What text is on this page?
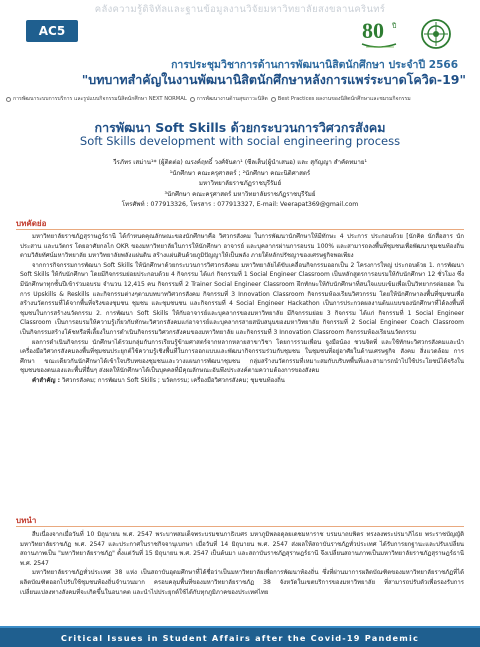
คลังความรู้ดิจิทัลและฐานข้อมูลงานวิจัยมหาวิทยาลัยสงขลานครินทร์
AC5	80 ปี
การประชุมวิชาการด้านการพัฒนานิสิตนักศึกษา ประจำปี 2566
"บทบาทสำคัญในงานพัฒนานิสิตนักศึกษาหลังการแพร่ระบาดโควิด-19"
การพัฒนาระบบการบริการ และรูปแบบกิจกรรมนิสิตนักศึกษา NEXT NORMAL การพัฒนางานด้านสุขภาวะนิสิต Best Practices ผลงานของนิสิตนักศึกษาและชมรมกิจกรรม
การพัฒนา Soft Skills ด้วยกระบวนการวิศวกรสังคม
Soft Skills development with social engineering process
วีรภัทร เสม่าน¹* (ผู้ติดต่อ) ณรงค์ฤทธิ์ วงศ์จันดา¹ (ซีลเส็น(ผู้นำเสนอ) และ สุกัญญา สำคัดทมาย¹
¹นักศึกษา คณะครุศาสตร์ ; ²นักศึกษา คณะนิติศาสตร์
มหาวิทยาลัยราชภัฏราชบุรีรัมย์
³นักศึกษา คณะครุศาสตร์ มหาวิทยาลัยราชภัฏราชบุรีรัมย์
โทรศัพท์ : 077913326, โทรสาร : 077913327, E-mail: Veerapat369@gmail.com
บทคัดย่อ

มหาวิทยาลัยราชภัฏสุราษฎร์ธานี ได้กำหนดคุณลักษณะของนักศึกษาคือ วิศวกรสังคม ในการพัฒนานักศึกษาให้มีทักษะ 4 ประการ ประกอบด้วย [นักคิด นักสื่อสาร นักประสาน และนวัตกร โดยอาศัยกลไก OKR ของมหาวิทยาลัยในการให้นักศึกษา อาจารย์ และบุคลากรผ่านการอบรม 100% และสามารถลงพื้นที่ชุมชนเพื่อพัฒนาชุมชนท้องถิ่นตามวิสัยทัศน์มหาวิทยาลัย มหาวิทยาลัยพลังแผ่นดิน สร้างแผ่นดินด้วยภูมิปัญญาให้เป็นพลัง ภายใต้หลักปรัชญาของเศรษฐกิจพอเพียง

จากการกิจกรรมการพัฒนา Soft Skills ให้นักศึกษาด้วยกระบวนการวิศวกรสังคม มหาวิทยาลัยได้ขับเคลื่อนกิจกรรมออกเป็น 2 โครงการใหญ่ ประกอบด้วย 1. การพัฒนา Soft Skills ให้กับนักศึกษา โดยมีกิจกรรมย่อยประกอบด้วย 4 กิจกรรม ได้แก่ กิจกรรมที่ 1 Social Engineer Classroom เป็นหลักสูตรการอบรมให้กับนักศึกษา 12 ชั่วโมง ซึ่งมีนักศึกษาทุกชั้นปีเข้าร่วมอบรม จำนวน 12,415 คน กิจกรรมที่ 2 Trainer Social Engineer Classroom ฝึกทักษะให้กับนักศึกษาที่สนใจแบบเข้มเพื่อเป็นวิทยากรต่อยอด ในการ Upskills & Reskills และกิจกรรมต่างๆตามบทบาทวิศวกรสังคม กิจกรรมที่ 3 Innovation Classroom กิจกรรมห้องเรียนวิศวกรรม โดยให้นักศึกษาลงพื้นที่ชุมชนเพื่อสร้างนวัตกรรมที่ได้จากพื้นที่จริงของชุมชน ชุมชน และชุมชนชน และกิจกรรมที่ 4 Social Engineer Hackathon เป็นการประกวดผลงานต้นแบบของนักศึกษาที่ได้ลงพื้นที่ชุมชนในการสร้างนวัตกรรม 2. การพัฒนา Soft Skills ให้กับอาจารย์และบุคลากรของมหาวิทยาลัย มีกิจกรรมย่อย 3 กิจกรรม ได้แก่ กิจกรรมที่ 1 Social Engineer Classroom เป็นการอบรมให้ความรู้เกี่ยวกับทักษะวิศวกรสังคมแก่อาจารย์และบุคลากรสายสนับสนุนของมหาวิทยาลัย กิจกรรมที่ 2 Social Engineer Coach Classroom เป็นกิจกรรมสร้างโค้ชหรือพี่เลี้ยงในการดำเนินกิจกรรมวิศวกรสังคมของมหาวิทยาลัย และกิจกรรมที่ 3 Innovation Classroom กิจกรรมห้องเรียนนวัตกรรม

ผลการดำเนินกิจกรรม นักศึกษาได้รวมกลุ่มกันการเรียนรู้ข้ามศาสตร์จากหลากหลายสาขาวิชา โดยการรวมเพื่อน จูงมือน้อง ชวนจิตพี่ และใช้ทักษะวิศวกรสังคมและนำเครื่องมือวิศวกรสังคมลงพื้นที่ชุมชนประยุกต์ใช้ความรู้เชิงพื้นที่ในการออกแบบและพัฒนากิจกรรมร่วมกับชุมชน ในชุมชนที่อยู่อาศัยในด้านเศรษฐกิจ สังคม สิ่งแวดล้อม การศึกษา ขณะเดียวกันนักศึกษาได้เข้าใจบริบทของชุมชนและวางแผนการพัฒนาชุมชน กลุ่มสร้างนวัตกรรมที่เหมาะสมกับบริบทพื้นที่และสามารถนำไปใช้ประโยชน์ได้จริงในชุมชนของตนเองและพื้นที่อื่นๆ ส่งผลให้นักศึกษาได้เป็นบุคคลที่มีคุณลักษณะอันพึงประสงค์ตามความต้องการของสังคม

คำสำคัญ : วิศวกรสังคม; การพัฒนา Soft Skills ; นวัตกรรม; เครื่องมือวิศวกรสังคม; ชุมชนท้องถิ่น

บทนำ

สืบเนื่องจากเมื่อวันที่ 10 มิถุนายน พ.ศ. 2547 พระบาทสมเด็จพระบรมชนกาธิเบศร มหาภูมิพลอดุลยเดชมหาราช บรมนาถบพิตร ทรงลงพระปรมาภิไธย พระราชบัญญัติมหาวิทยาลัยราชภัฏ พ.ศ. 2547 และประกาศในราชกิจจานุเบกษา เมื่อวันที่ 14 มิถุนายน พ.ศ. 2547 ส่งผลให้สถาบันราชภัฏทั่วประเทศ ได้รับการยกฐานะและปรับเปลี่ยนสถานภาพเป็น "มหาวิทยาลัยราชภัฏ" ตั้งแต่วันที่ 15 มิถุนายน พ.ศ. 2547 เป็นต้นมา และสถาบันราชภัฏสุราษฎร์ธานี จึงเปลี่ยนสถานภาพเป็นมหาวิทยาลัยราชภัฏสุราษฎร์ธานี พ.ศ. 2547

มหาวิทยาลัยราชภัฏทั่วประเทศ 38 แห่ง เป็นสถาบันอุดมศึกษาที่ได้ชื่อว่าเป็นมหาวิทยาลัยเพื่อการพัฒนาท้องถิ่น ซึ่งที่ผ่านมาการผลิตบัณฑิตของมหาวิทยาลัยราชภัฏที่ได้ผลิตบัณฑิตออกไปรับใช้ชุมชนท้องถิ่นจำนวนมาก ครอบคลุมพื้นที่ของมหาวิทยาลัยราชภัฏ 38 จังหวัดในเขตบริการของมหาวิทยาลัย ที่สามารถปรับตัวเพื่อรองรับการเปลี่ยนแปลงทางสังคมที่จะเกิดขึ้นในอนาคต และนำไปประยุกต์ใช้ได้กับทุกภูมิภาคของประเทศไทย

Critical Issues in Student Affairs after the Covid-19 Pandemic
